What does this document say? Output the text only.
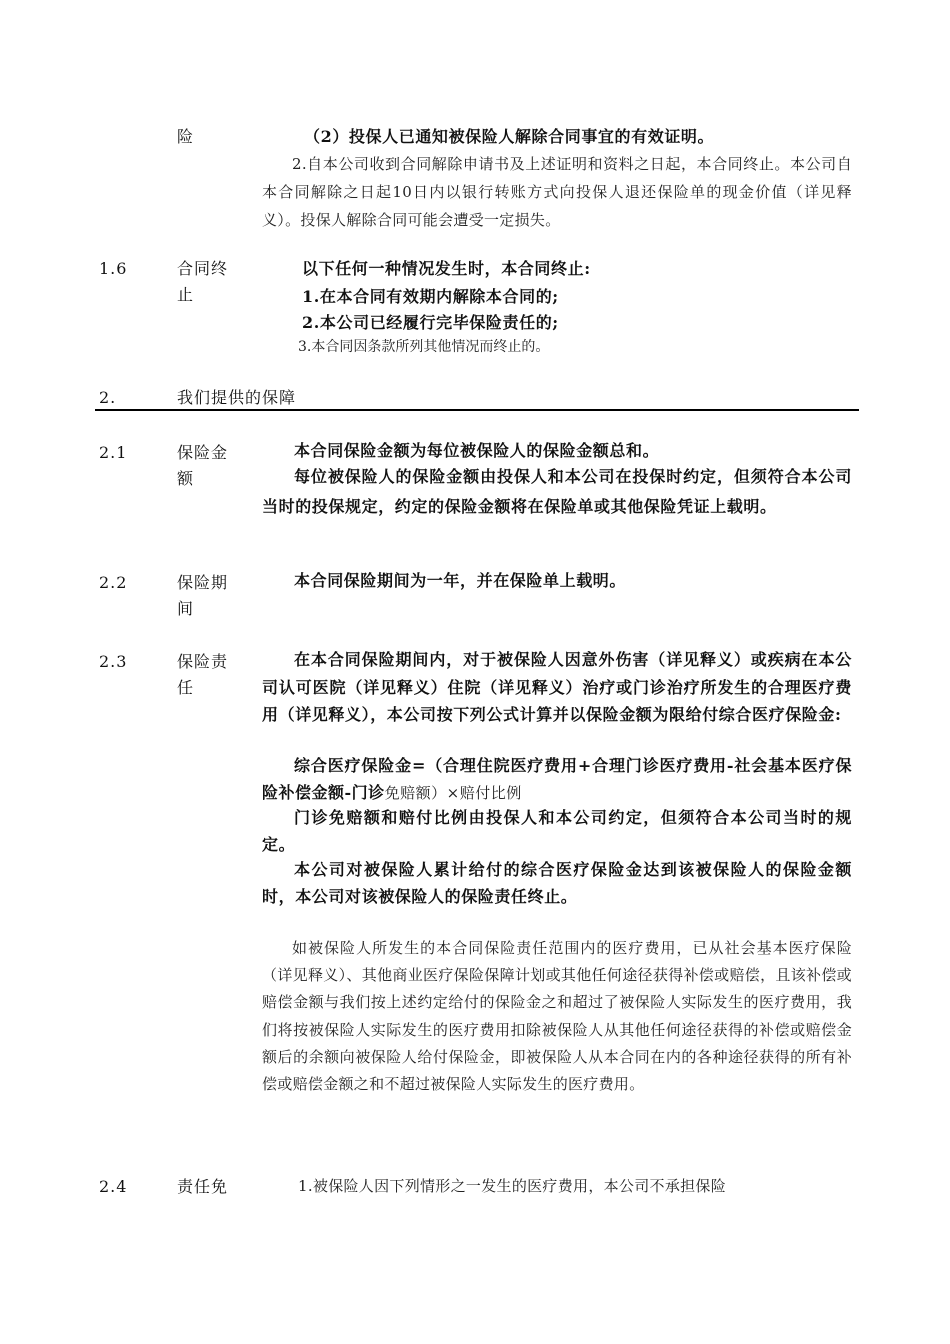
险	（2）投保人已通知被保险人解除合同事宜的有效证明。
2.自本公司收到合同解除申请书及上述证明和资料之日起，本合同终止。本公司自本合同解除之日起10日内以银行转账方式向投保人退还保险单的现金价值（详见释义）。投保人解除合同可能会遭受一定损失。
1.6	合同终止
以下任何一种情况发生时，本合同终止:
1.在本合同有效期内解除本合同的;
2.本公司已经履行完毕保险责任的;
3.本合同因条款所列其他情况而终止的。
2.	我们提供的保障
2.1	保险金额
本合同保险金额为每位被保险人的保险金额总和。
每位被保险人的保险金额由投保人和本公司在投保时约定，但须符合本公司当时的投保规定，约定的保险金额将在保险单或其他保险凭证上载明。
2.2	保险期间
本合同保险期间为一年，并在保险单上载明。
2.3	保险责任
在本合同保险期间内，对于被保险人因意外伤害（详见释义）或疾病在本公司认可医院（详见释义）住院（详见释义）治疗或门诊治疗所发生的合理医疗费用（详见释义），本公司按下列公式计算并以保险金额为限给付综合医疗保险金:
综合医疗保险金=（合理住院医疗费用+合理门诊医疗费用-社会基本医疗保险补偿金额-门诊免赔额）×赔付比例
门诊免赔额和赔付比例由投保人和本公司约定，但须符合本公司当时的规定。
本公司对被保险人累计给付的综合医疗保险金达到该被保险人的保险金额时，本公司对该被保险人的保险责任终止。
如被保险人所发生的本合同保险责任范围内的医疗费用，已从社会基本医疗保险（详见释义）、其他商业医疗保险保障计划或其他任何途径获得补偿或赔偿，且该补偿或赔偿金额与我们按上述约定给付的保险金之和超过了被保险人实际发生的医疗费用，我们将按被保险人实际发生的医疗费用扣除被保险人从其他任何途径获得的补偿或赔偿金额后的余额向被保险人给付保险金，即被保险人从本合同在内的各种途径获得的所有补偿或赔偿金额之和不超过被保险人实际发生的医疗费用。
2.4	责任免	1.被保险人因下列情形之一发生的医疗费用，本公司不承担保险
